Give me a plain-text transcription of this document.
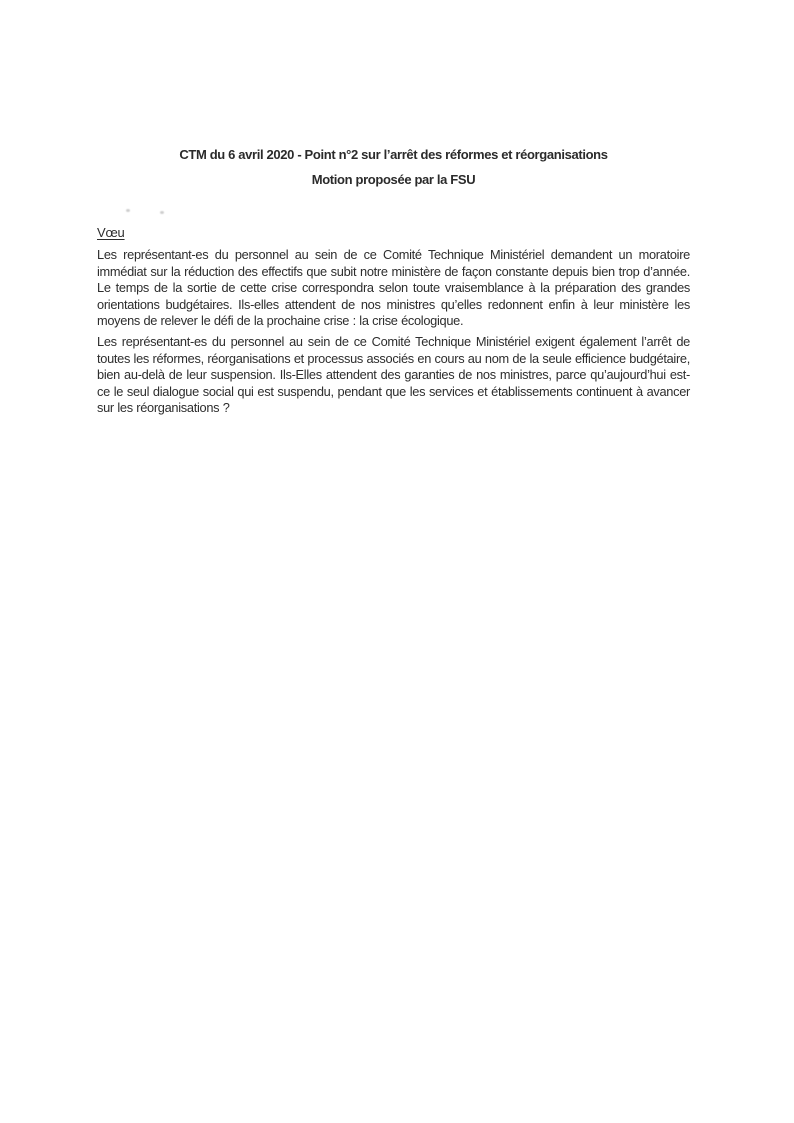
CTM du 6 avril 2020 - Point n°2 sur l’arrêt des réformes et réorganisations
Motion proposée par la FSU
Vœu

Les représentant-es du personnel au sein de ce Comité Technique Ministériel demandent un moratoire immédiat sur la réduction des effectifs que subit notre ministère de façon constante depuis bien trop d’année. Le temps de la sortie de cette crise correspondra selon toute vraisemblance à la préparation des grandes orientations budgétaires. Ils-elles attendent de nos ministres qu’elles redonnent enfin à leur ministère les moyens de relever le défi de la prochaine crise : la crise écologique.

Les représentant-es du personnel au sein de ce Comité Technique Ministériel exigent également l’arrêt de toutes les réformes, réorganisations et processus associés en cours au nom de la seule efficience budgétaire, bien au-delà de leur suspension. Ils-Elles attendent des garanties de nos ministres, parce qu’aujourd’hui est-ce le seul dialogue social qui est suspendu, pendant que les services et établissements continuent à avancer sur les réorganisations ?
